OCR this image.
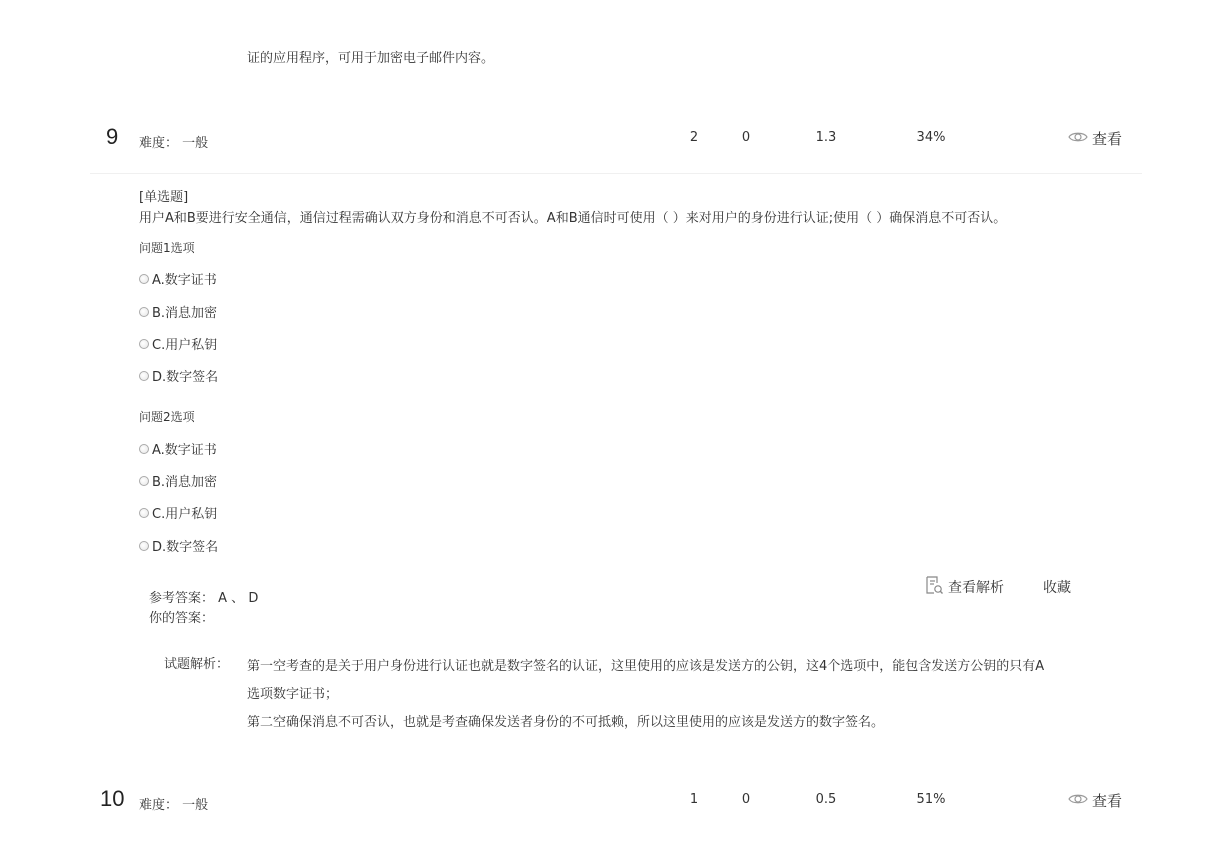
证的应用程序，可用于加密电子邮件内容。
9 难度： 一般	2	0	1.3	34%	查看
[单选题]
用户A和B要进行安全通信，通信过程需确认双方身份和消息不可否认。A和B通信时可使用（ ）来对用户的身份进行认证;使用（ ）确保消息不可否认。
问题1选项
A.数字证书
B.消息加密
C.用户私钥
D.数字签名
问题2选项
A.数字证书
B.消息加密
C.用户私钥
D.数字签名
参考答案： A 、 D
你的答案：
查看解析	收藏
试题解析： 第一空考查的是关于用户身份进行认证也就是数字签名的认证，这里使用的应该是发送方的公钥，这4个选项中，能包含发送方公钥的只有A
选项数字证书；
第二空确保消息不可否认，也就是考查确保发送者身份的不可抵赖，所以这里使用的应该是发送方的数字签名。
10 难度： 一般	1	0	0.5	51%	查看
